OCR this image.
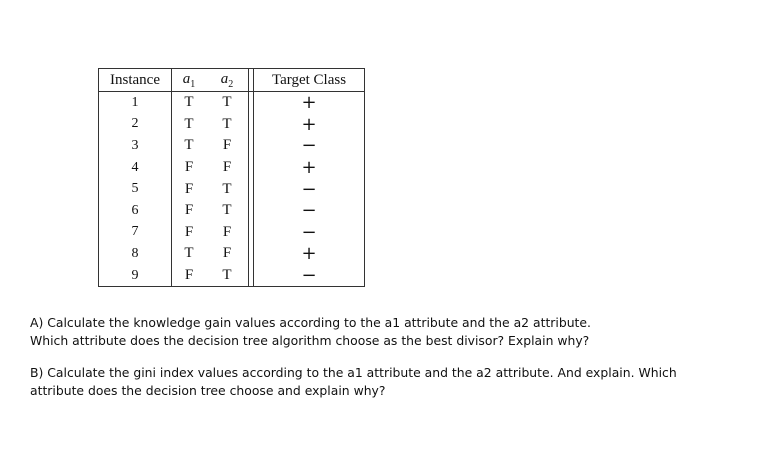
Instance	$a_1$	$a_2$		Target Class
1	T	T		+
2	T	T		+
3	T	F		−
4	F	F		+
5	F	T		−
6	F	T		−
7	F	F		−
8	T	F		+
9	F	T		−

A) Calculate the knowledge gain values according to the a1 attribute and the a2 attribute.

Which attribute does the decision tree algorithm choose as the best divisor? Explain why?

B) Calculate the gini index values according to the a1 attribute and the a2 attribute. And explain. Which

attribute does the decision tree choose and explain why?
